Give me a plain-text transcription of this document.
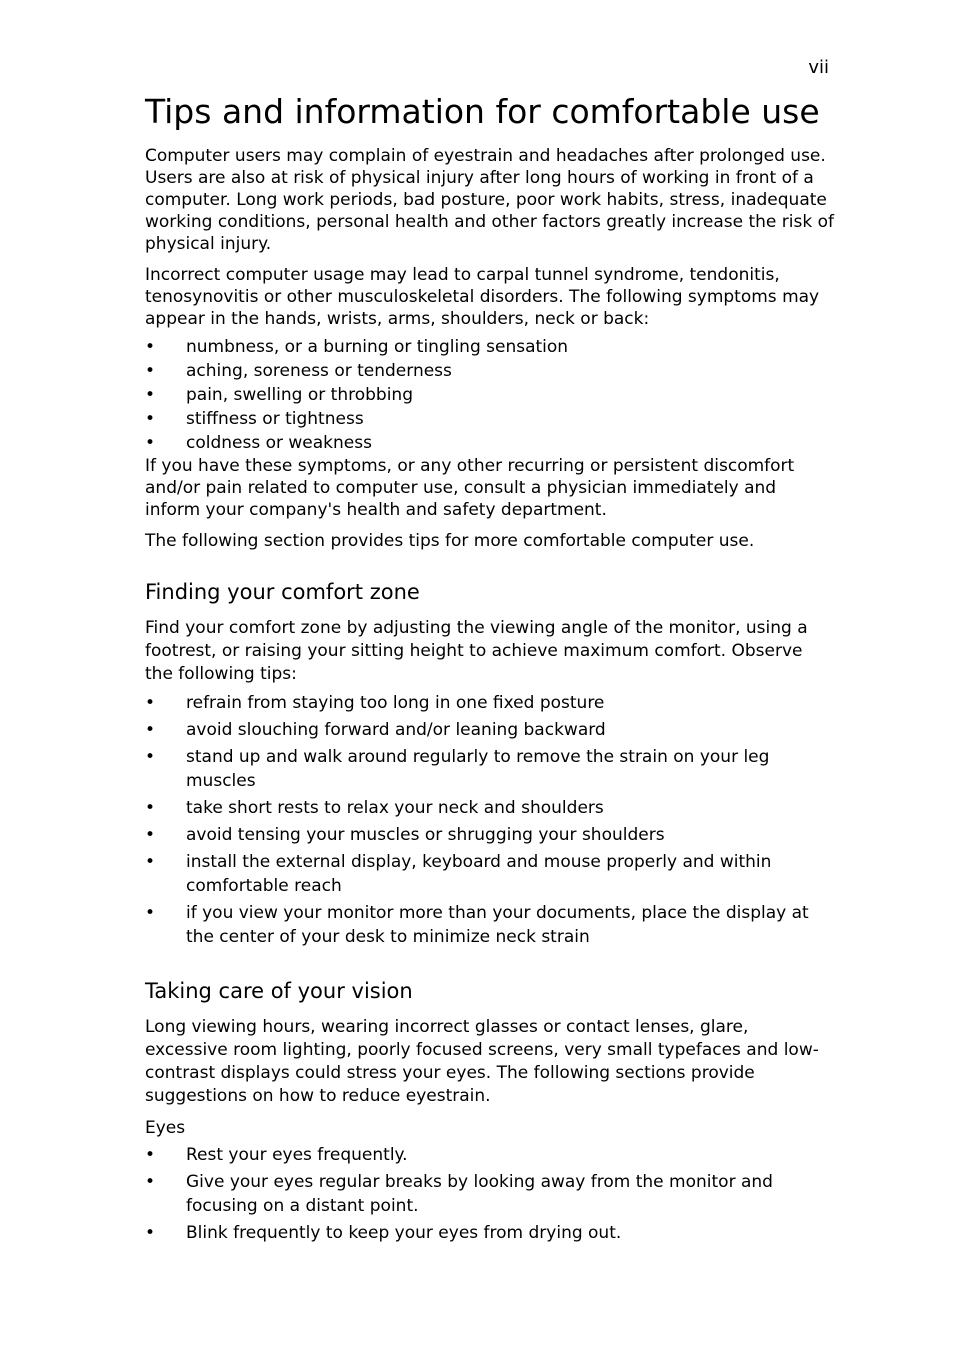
vii
Tips and information for comfortable use

Computer users may complain of eyestrain and headaches after prolonged use. Users are also at risk of physical injury after long hours of working in front of a computer. Long work periods, bad posture, poor work habits, stress, inadequate working conditions, personal health and other factors greatly increase the risk of physical injury.

Incorrect computer usage may lead to carpal tunnel syndrome, tendonitis, tenosynovitis or other musculoskeletal disorders. The following symptoms may appear in the hands, wrists, arms, shoulders, neck or back:

• numbness, or a burning or tingling sensation
• aching, soreness or tenderness
• pain, swelling or throbbing
• stiffness or tightness
• coldness or weakness

If you have these symptoms, or any other recurring or persistent discomfort and/or pain related to computer use, consult a physician immediately and inform your company's health and safety department.

The following section provides tips for more comfortable computer use.

Finding your comfort zone

Find your comfort zone by adjusting the viewing angle of the monitor, using a footrest, or raising your sitting height to achieve maximum comfort. Observe the following tips:

• refrain from staying too long in one fixed posture
• avoid slouching forward and/or leaning backward
• stand up and walk around regularly to remove the strain on your leg muscles
• take short rests to relax your neck and shoulders
• avoid tensing your muscles or shrugging your shoulders
• install the external display, keyboard and mouse properly and within comfortable reach
• if you view your monitor more than your documents, place the display at the center of your desk to minimize neck strain
Taking care of your vision

Long viewing hours, wearing incorrect glasses or contact lenses, glare, excessive room lighting, poorly focused screens, very small typefaces and low-contrast displays could stress your eyes. The following sections provide suggestions on how to reduce eyestrain.

Eyes

• Rest your eyes frequently.
• Give your eyes regular breaks by looking away from the monitor and focusing on a distant point.
• Blink frequently to keep your eyes from drying out.
